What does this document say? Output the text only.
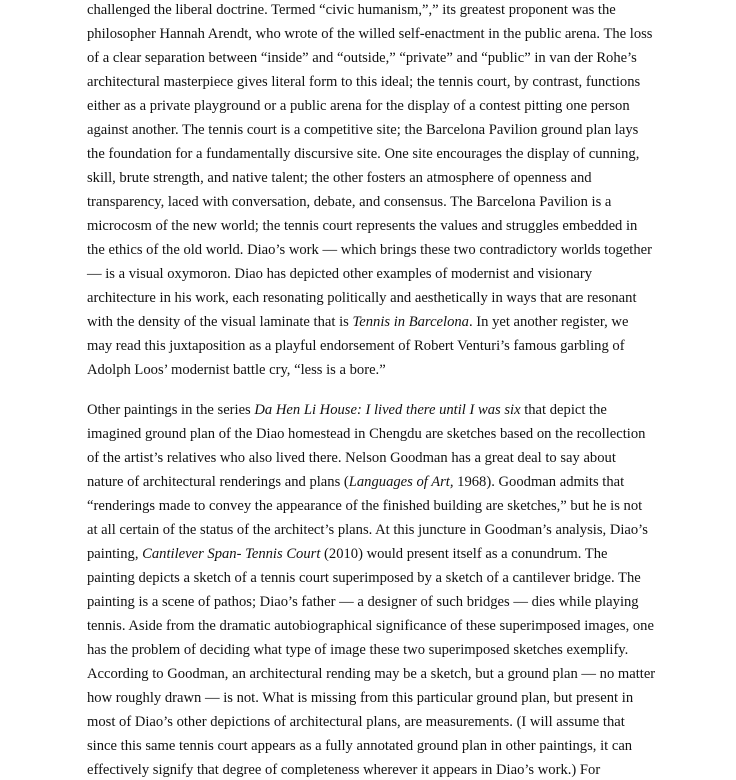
challenged the liberal doctrine. Termed “civic humanism,”,” its greatest proponent was the

philosopher Hannah Arendt, who wrote of the willed self-enactment in the public arena. The loss

of a clear separation between “inside” and “outside,” “private” and “public” in van der Rohe’s

architectural masterpiece gives literal form to this ideal; the tennis court, by contrast, functions

either as a private playground or a public arena for the display of a contest pitting one person

against another. The tennis court is a competitive site; the Barcelona Pavilion ground plan lays

the foundation for a fundamentally discursive site. One site encourages the display of cunning,

skill, brute strength, and native talent; the other fosters an atmosphere of openness and

transparency, laced with conversation, debate, and consensus. The Barcelona Pavilion is a

microcosm of the new world; the tennis court represents the values and struggles embedded in

the ethics of the old world. Diao’s work — which brings these two contradictory worlds together

— is a visual oxymoron. Diao has depicted other examples of modernist and visionary

architecture in his work, each resonating politically and aesthetically in ways that are resonant

with the density of the visual laminate that is Tennis in Barcelona. In yet another register, we

may read this juxtaposition as a playful endorsement of Robert Venturi’s famous garbling of

Adolph Loos’ modernist battle cry, “less is a bore.”

Other paintings in the series Da Hen Li House: I lived there until I was six that depict the

imagined ground plan of the Diao homestead in Chengdu are sketches based on the recollection

of the artist’s relatives who also lived there. Nelson Goodman has a great deal to say about

nature of architectural renderings and plans (Languages of Art, 1968). Goodman admits that

“renderings made to convey the appearance of the finished building are sketches,” but he is not

at all certain of the status of the architect’s plans. At this juncture in Goodman’s analysis, Diao’s

painting, Cantilever Span- Tennis Court (2010) would present itself as a conundrum. The

painting depicts a sketch of a tennis court superimposed by a sketch of a cantilever bridge. The

painting is a scene of pathos; Diao’s father — a designer of such bridges — dies while playing

tennis. Aside from the dramatic autobiographical significance of these superimposed images, one

has the problem of deciding what type of image these two superimposed sketches exemplify.

According to Goodman, an architectural rending may be a sketch, but a ground plan — no matter

how roughly drawn — is not. What is missing from this particular ground plan, but present in

most of Diao’s other depictions of architectural plans, are measurements. (I will assume that

since this same tennis court appears as a fully annotated ground plan in other paintings, it can

effectively signify that degree of completeness wherever it appears in Diao’s work.) For
